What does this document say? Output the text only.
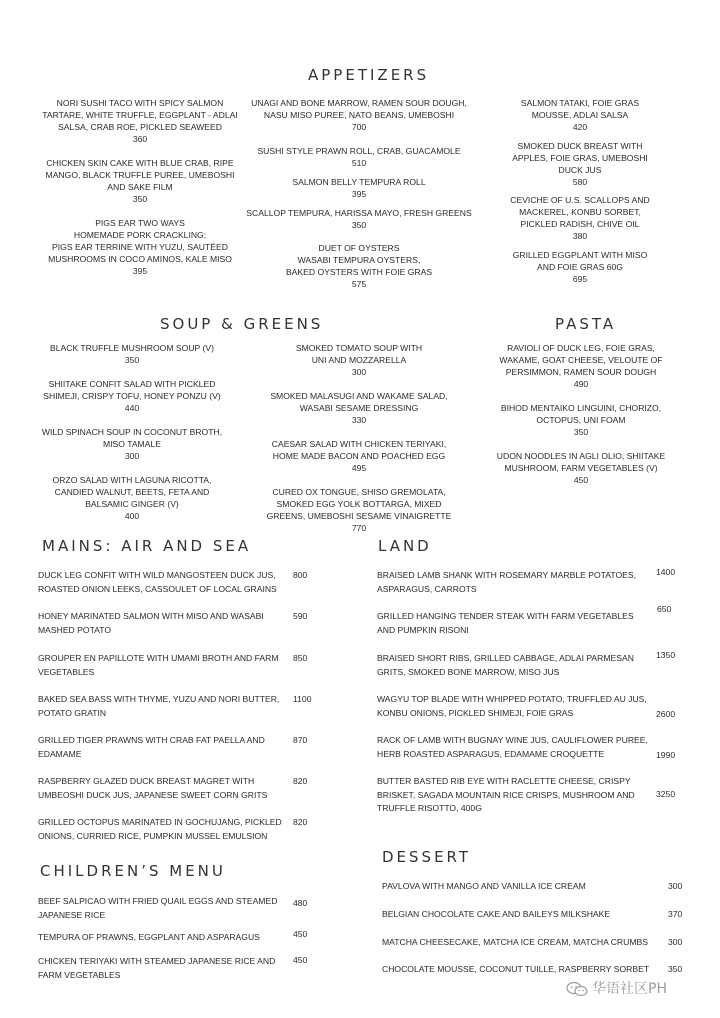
APPETIZERS
SOUP & GREENS	PASTA
MAINS: AIR AND SEA	LAND
CHILDREN’S MENU
DESSERT
NORI SUSHI TACO WITH SPICY SALMON
TARTARE, WHITE TRUFFLE, EGGPLANT - ADLAI
SALSA, CRAB ROE, PICKLED SEAWEED
360
CHICKEN SKIN CAKE WITH BLUE CRAB, RIPE
MANGO, BLACK TRUFFLE PUREE, UMEBOSHI
AND SAKE FILM
350
PIGS EAR TWO WAYS
HOMEMADE PORK CRACKLING;
PIGS EAR TERRINE WITH YUZU, SAUTÉED
MUSHROOMS IN COCO AMINOS, KALE MISO
395
UNAGI AND BONE MARROW, RAMEN SOUR DOUGH,
NASU MISO PUREE, NATO BEANS, UMEBOSHI
700
SUSHI STYLE PRAWN ROLL, CRAB, GUACAMOLE
510
SALMON BELLY TEMPURA ROLL
395
SCALLOP TEMPURA, HARISSA MAYO, FRESH GREENS
350
DUET OF OYSTERS
WASABI TEMPURA OYSTERS,
BAKED OYSTERS WITH FOIE GRAS
575
SALMON TATAKI, FOIE GRAS
MOUSSE, ADLAI SALSA
420
SMOKED DUCK BREAST WITH
APPLES, FOIE GRAS, UMEBOSHI
DUCK JUS
580
CEVICHE OF U.S. SCALLOPS AND
MACKEREL, KONBU SORBET,
PICKLED RADISH, CHIVE OIL
380
GRILLED EGGPLANT WITH MISO
AND FOIE GRAS 60G
695
BLACK TRUFFLE MUSHROOM SOUP (V)
350
SHIITAKE CONFIT SALAD WITH PICKLED
SHIMEJI, CRISPY TOFU, HONEY PONZU (V)
440
WILD SPINACH SOUP IN COCONUT BROTH,
MISO TAMALE
300
ORZO SALAD WITH LAGUNA RICOTTA,
CANDIED WALNUT, BEETS, FETA AND
BALSAMIC GINGER (V)
400
SMOKED TOMATO SOUP WITH
UNI AND MOZZARELLA
300
SMOKED MALASUGI AND WAKAME SALAD,
WASABI SESAME DRESSING
330
CAESAR SALAD WITH CHICKEN TERIYAKI,
HOME MADE BACON AND POACHED EGG
495
CURED OX TONGUE, SHISO GREMOLATA,
SMOKED EGG YOLK BOTTARGA, MIXED
GREENS, UMEBOSHI SESAME VINAIGRETTE
770
RAVIOLI OF DUCK LEG, FOIE GRAS,
WAKAME, GOAT CHEESE, VELOUTE OF
PERSIMMON, RAMEN SOUR DOUGH
490
BIHOD MENTAIKO LINGUINI, CHORIZO,
OCTOPUS, UNI FOAM
350
UDON NOODLES IN AGLI OLIO, SHIITAKE
MUSHROOM, FARM VEGETABLES (V)
450
DUCK LEG CONFIT WITH WILD MANGOSTEEN DUCK JUS,
ROASTED ONION LEEKS, CASSOULET OF LOCAL GRAINS
800
HONEY MARINATED SALMON WITH MISO AND WASABI
MASHED POTATO
590
GROUPER EN PAPILLOTE WITH UMAMI BROTH AND FARM
VEGETABLES
850
BAKED SEA BASS WITH THYME, YUZU AND NORI BUTTER,
POTATO GRATIN
1100
GRILLED TIGER PRAWNS WITH CRAB FAT PAELLA AND
EDAMAME
870
RASPBERRY GLAZED DUCK BREAST MAGRET WITH
UMBEOSHI DUCK JUS, JAPANESE SWEET CORN GRITS
820
GRILLED OCTOPUS MARINATED IN GOCHUJANG, PICKLED
ONIONS, CURRIED RICE, PUMPKIN MUSSEL EMULSION
820
BRAISED LAMB SHANK WITH ROSEMARY MARBLE POTATOES,
ASPARAGUS, CARROTS
1400
GRILLED HANGING TENDER STEAK WITH FARM VEGETABLES
AND PUMPKIN RISONI
650
BRAISED SHORT RIBS, GRILLED CABBAGE, ADLAI PARMESAN
GRITS, SMOKED BONE MARROW, MISO JUS
1350
WAGYU TOP BLADE WITH WHIPPED POTATO, TRUFFLED AU JUS,
KONBU ONIONS, PICKLED SHIMEJI, FOIE GRAS	2600
RACK OF LAMB WITH BUGNAY WINE JUS, CAULIFLOWER PUREE,
HERB ROASTED ASPARAGUS, EDAMAME CROQUETTE	1990
BUTTER BASTED RIB EYE WITH RACLETTE CHEESE, CRISPY
BRISKET, SAGADA MOUNTAIN RICE CRISPS, MUSHROOM AND
TRUFFLE RISOTTO, 400G
3250
BEEF SALPICAO WITH FRIED QUAIL EGGS AND STEAMED
JAPANESE RICE
480
TEMPURA OF PRAWNS, EGGPLANT AND ASPARAGUS	450
CHICKEN TERIYAKI WITH STEAMED JAPANESE RICE AND
FARM VEGETABLES
450
PAVLOVA WITH MANGO AND VANILLA ICE CREAM	300
BELGIAN CHOCOLATE CAKE AND BAILEYS MILKSHAKE	370
MATCHA CHEESECAKE, MATCHA ICE CREAM, MATCHA CRUMBS	300
CHOCOLATE MOUSSE, COCONUT TUILLE, RASPBERRY SORBET	350
华语社区PH
